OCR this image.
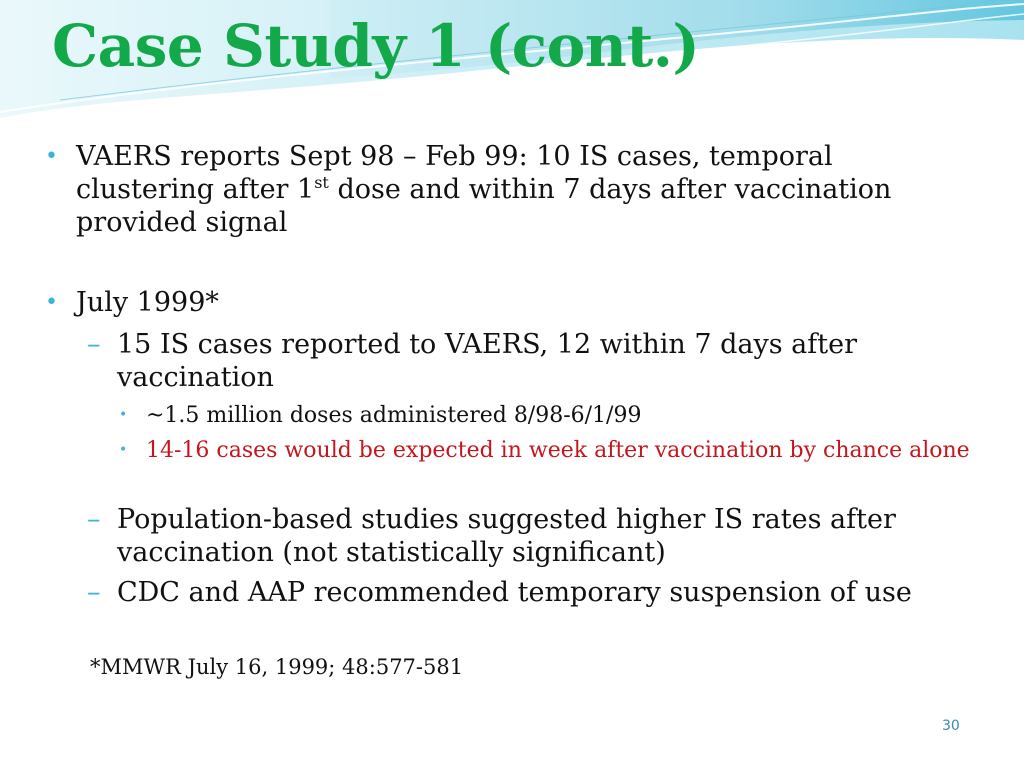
Case Study 1 (cont.)
• VAERS reports Sept 98 – Feb 99: 10 IS cases, temporal clustering after 1st dose and within 7 days after vaccination provided signal
• July 1999*
– 15 IS cases reported to VAERS, 12 within 7 days after vaccination
• ~1.5 million doses administered 8/98-6/1/99
• 14-16 cases would be expected in week after vaccination by chance alone
– Population-based studies suggested higher IS rates after vaccination (not statistically significant)
– CDC and AAP recommended temporary suspension of use
*MMWR July 16, 1999; 48:577-581
30
